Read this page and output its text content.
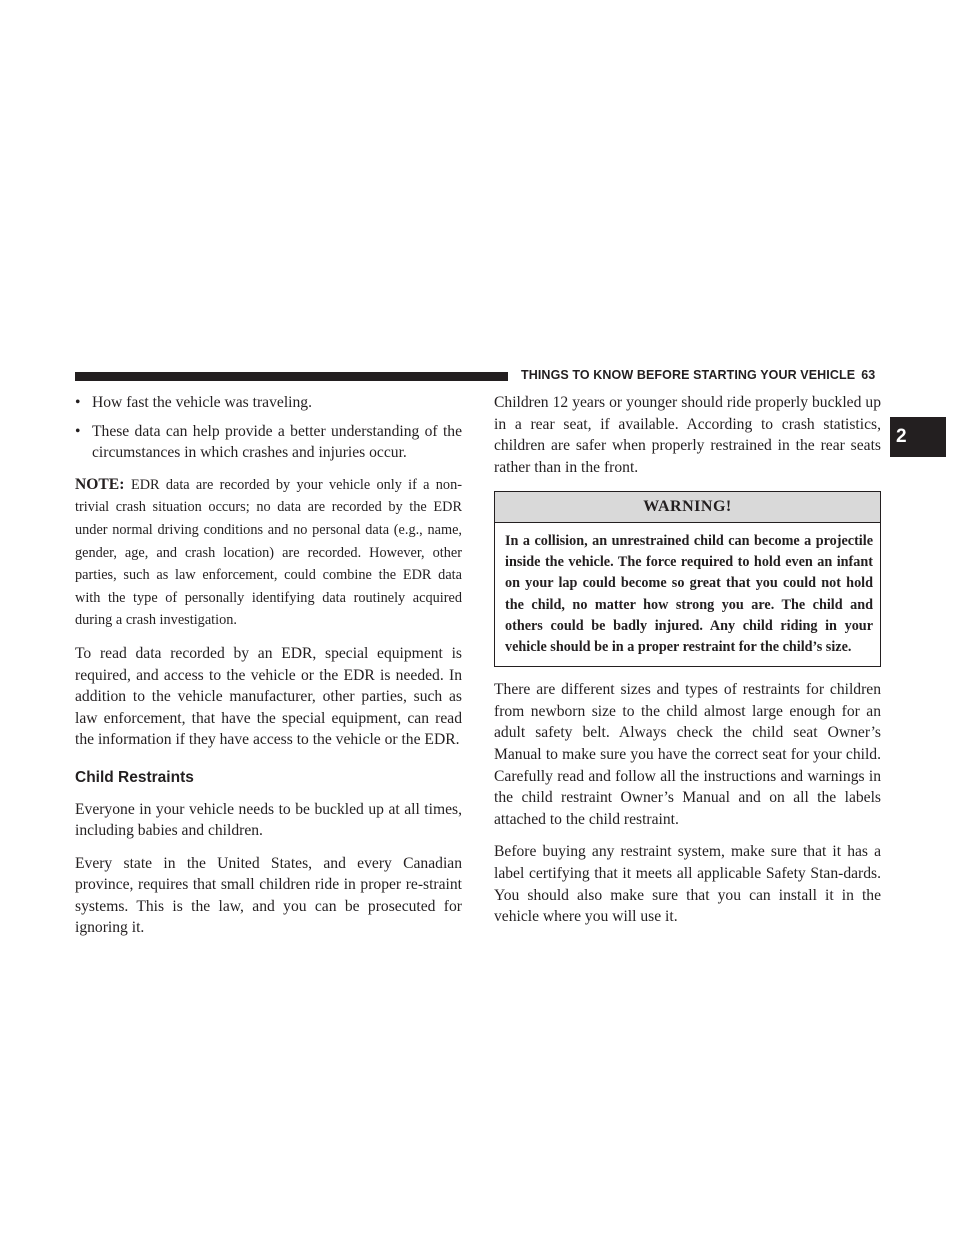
THINGS TO KNOW BEFORE STARTING YOUR VEHICLE 63
2
• How fast the vehicle was traveling.
• These data can help provide a better understanding of the circumstances in which crashes and injuries occur.

NOTE: EDR data are recorded by your vehicle only if a non-trivial crash situation occurs; no data are recorded by the EDR under normal driving conditions and no personal data (e.g., name, gender, age, and crash location) are recorded. However, other parties, such as law enforcement, could combine the EDR data with the type of personally identifying data routinely acquired during a crash investigation.

To read data recorded by an EDR, special equipment is required, and access to the vehicle or the EDR is needed. In addition to the vehicle manufacturer, other parties, such as law enforcement, that have the special equipment, can read the information if they have access to the vehicle or the EDR.

Child Restraints

Everyone in your vehicle needs to be buckled up at all times, including babies and children.

Every state in the United States, and every Canadian province, requires that small children ride in proper re-straint systems. This is the law, and you can be prosecuted for ignoring it.

Children 12 years or younger should ride properly buckled up in a rear seat, if available. According to crash statistics, children are safer when properly restrained in the rear seats rather than in the front.

WARNING!
In a collision, an unrestrained child can become a projectile inside the vehicle. The force required to hold even an infant on your lap could become so great that you could not hold the child, no matter how strong you are. The child and others could be badly injured. Any child riding in your vehicle should be in a proper restraint for the child’s size.

There are different sizes and types of restraints for children from newborn size to the child almost large enough for an adult safety belt. Always check the child seat Owner’s Manual to make sure you have the correct seat for your child. Carefully read and follow all the instructions and warnings in the child restraint Owner’s Manual and on all the labels attached to the child restraint.

Before buying any restraint system, make sure that it has a label certifying that it meets all applicable Safety Stan-dards. You should also make sure that you can install it in the vehicle where you will use it.
